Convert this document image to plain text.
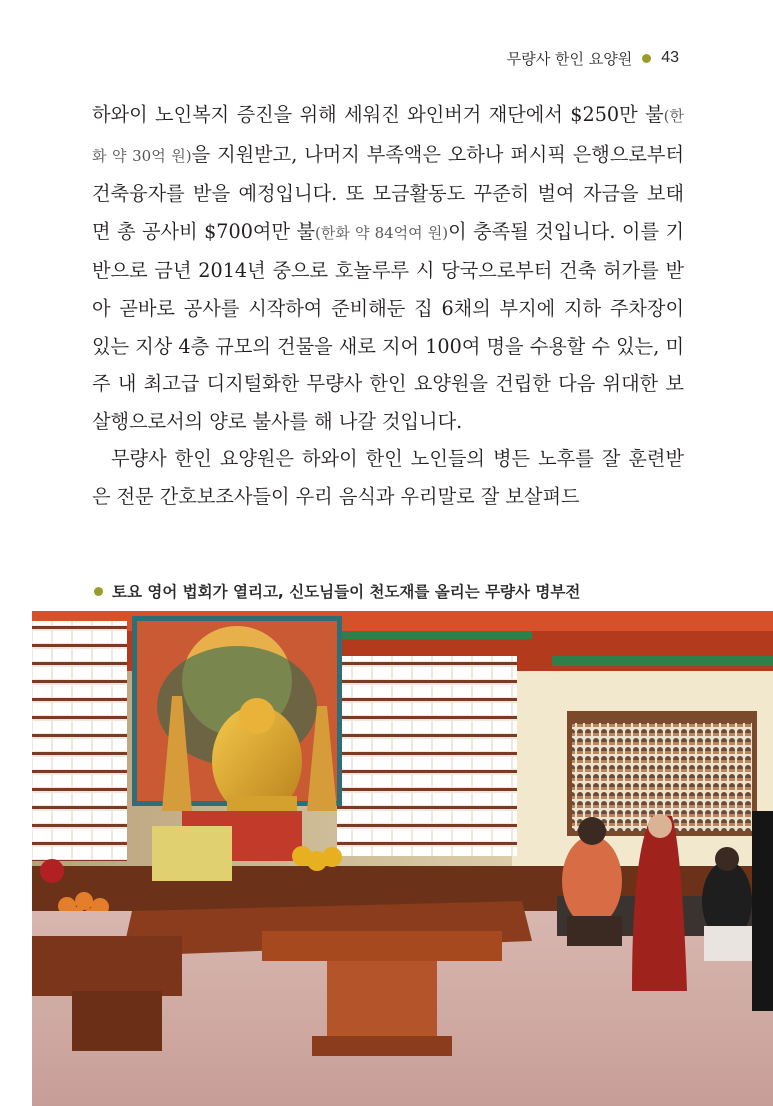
무량사 한인 요양원 43

하와이 노인복지 증진을 위해 세워진 와인버거 재단에서 $250만 불(한화 약 30억 원)을 지원받고, 나머지 부족액은 오하나 퍼시픽 은행으로부터 건축융자를 받을 예정입니다. 또 모금활동도 꾸준히 벌여 자금을 보태면 총 공사비 $700여만 불(한화 약 84억여 원)이 충족될 것입니다. 이를 기반으로 금년 2014년 중으로 호놀루루 시 당국으로부터 건축 허가를 받아 곧바로 공사를 시작하여 준비해둔 집 6채의 부지에 지하 주차장이 있는 지상 4층 규모의 건물을 새로 지어 100여 명을 수용할 수 있는, 미주 내 최고급 디지털화한 무량사 한인 요양원을 건립한 다음 위대한 보살행으로서의 양로 불사를 해 나갈 것입니다.

무량사 한인 요양원은 하와이 한인 노인들의 병든 노후를 잘 훈련받은 전문 간호보조사들이 우리 음식과 우리말로 잘 보살펴드

토요 영어 법회가 열리고, 신도님들이 천도재를 올리는 무량사 명부전
